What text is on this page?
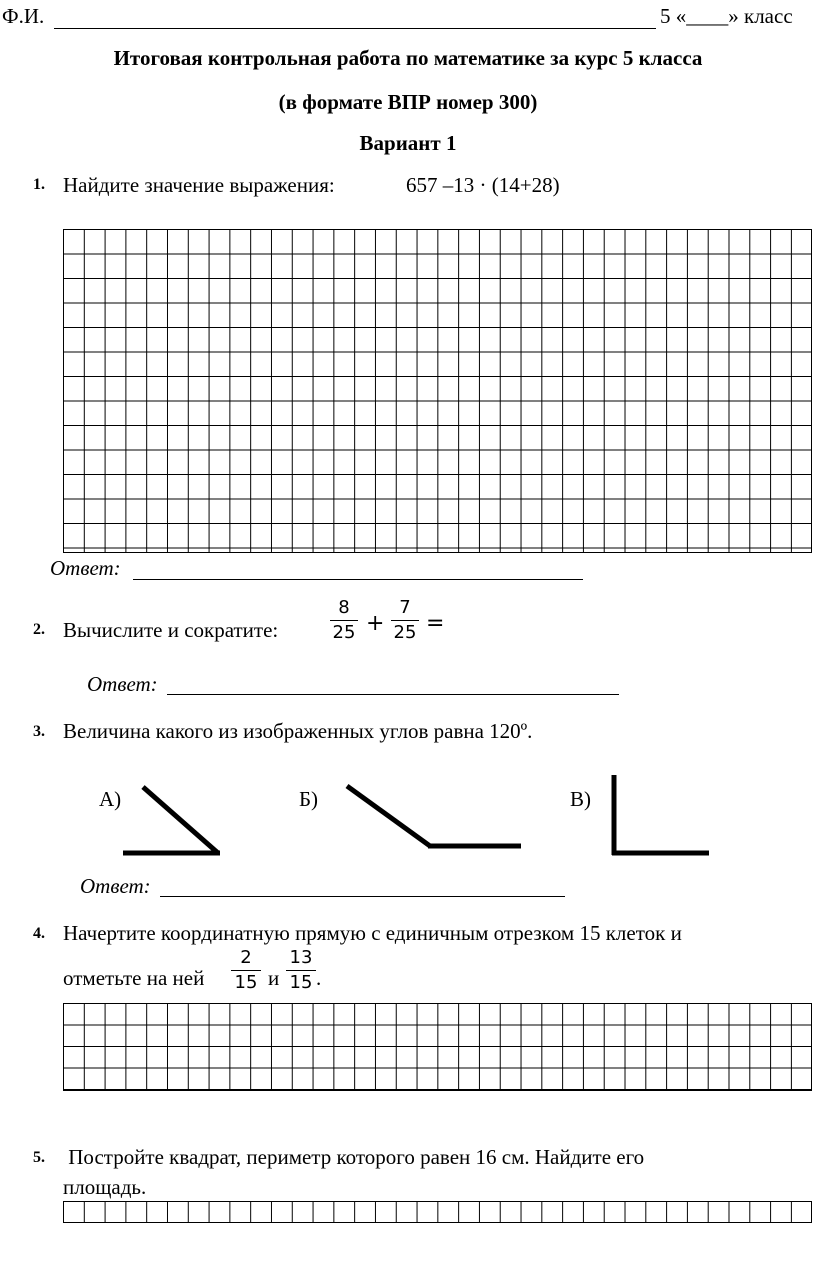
Ф.И.	5 «____» класс
Итоговая контрольная работа по математике за курс 5 класса
(в формате ВПР номер 300)
Вариант 1
1. Найдите значение выражения:	657 –13 · (14+28)
Ответ:
2. Вычислите и сократите:
8
25 +
7
25 =
Ответ:
3. Величина какого из изображенных углов равна 120º.
А)	Б)	В)
Ответ:
4. Начертите координатную прямую с единичным отрезком 15 клеток и
отметьте на ней
2
15 и
13
15 .
5. Постройте квадрат, периметр которого равен 16 см. Найдите его
площадь.
